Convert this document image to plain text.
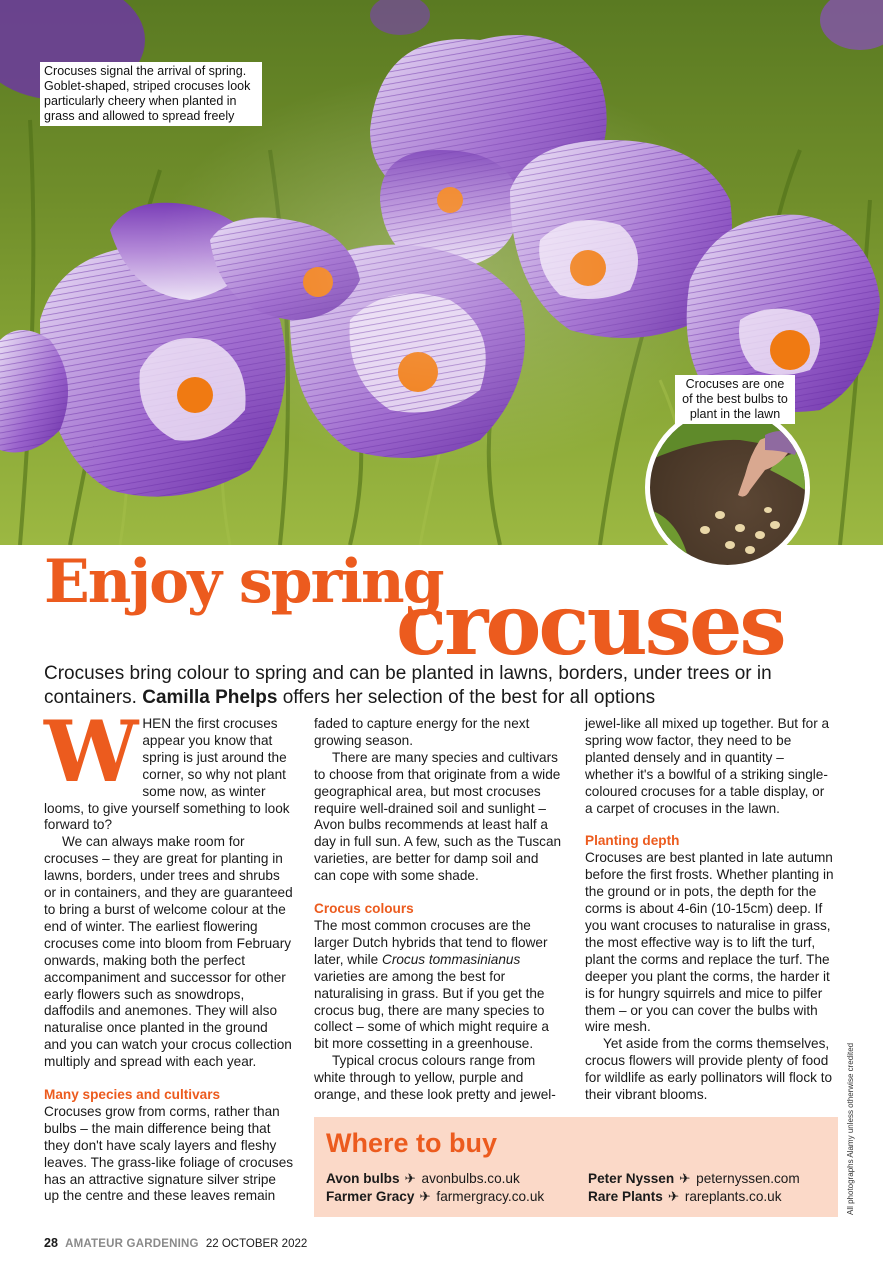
Crocuses signal the arrival of spring. Goblet-shaped, striped crocuses look particularly cheery when planted in grass and allowed to spread freely
Crocuses are one of the best bulbs to plant in the lawn
Enjoy spring
crocuses
Crocuses bring colour to spring and can be planted in lawns, borders, under trees or in containers. Camilla Phelps offers her selection of the best for all options

WHEN the first crocuses appear you know that spring is just around the corner, so why not plant some now, as winter looms, to give yourself something to look forward to?

We can always make room for crocuses – they are great for planting in lawns, borders, under trees and shrubs or in containers, and they are guaranteed to bring a burst of welcome colour at the end of winter. The earliest flowering crocuses come into bloom from February onwards, making both the perfect accompaniment and successor for other early flowers such as snowdrops, daffodils and anemones. They will also naturalise once planted in the ground and you can watch your crocus collection multiply and spread with each year.

Many species and cultivars

Crocuses grow from corms, rather than bulbs – the main difference being that they don't have scaly layers and fleshy leaves. The grass-like foliage of crocuses has an attractive signature silver stripe up the centre and these leaves remain

faded to capture energy for the next growing season.

There are many species and cultivars to choose from that originate from a wide geographical area, but most crocuses require well-drained soil and sunlight – Avon bulbs recommends at least half a day in full sun. A few, such as the Tuscan varieties, are better for damp soil and can cope with some shade.

Crocus colours

The most common crocuses are the larger Dutch hybrids that tend to flower later, while Crocus tommasinianus varieties are among the best for naturalising in grass. But if you get the crocus bug, there are many species to collect – some of which might require a bit more cossetting in a greenhouse.

Typical crocus colours range from white through to yellow, purple and orange, and these look pretty and jewel-

jewel-like all mixed up together. But for a spring wow factor, they need to be planted densely and in quantity – whether it's a bowlful of a striking single-coloured crocuses for a table display, or a carpet of crocuses in the lawn.

Planting depth

Crocuses are best planted in late autumn before the first frosts. Whether planting in the ground or in pots, the depth for the corms is about 4-6in (10-15cm) deep. If you want crocuses to naturalise in grass, the most effective way is to lift the turf, plant the corms and replace the turf. The deeper you plant the corms, the harder it is for hungry squirrels and mice to pilfer them – or you can cover the bulbs with wire mesh.

Yet aside from the corms themselves, crocus flowers will provide plenty of food for wildlife as early pollinators will flock to their vibrant blooms.

Where to buy
Avon bulbs ✈︎ avonbulbs.co.uk	Peter Nyssen ✈︎ peternyssen.com
Farmer Gracy ✈︎ farmergracy.co.uk	Rare Plants ✈︎ rareplants.co.uk	All photographs Alamy unless otherwise credited
28 AMATEUR GARDENING 22 OCTOBER 2022
